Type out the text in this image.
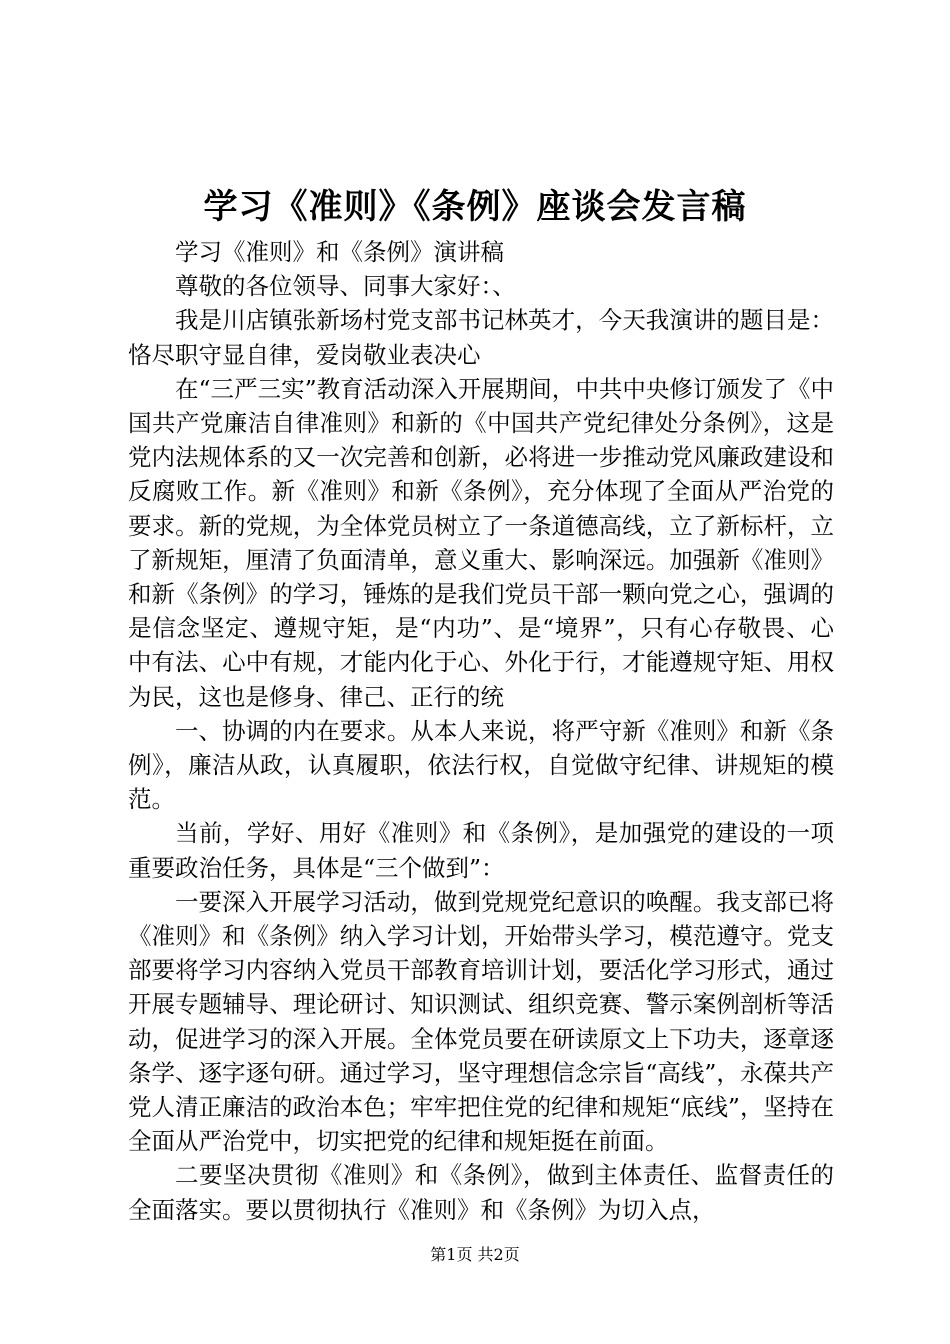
学习《准则》《条例》座谈会发言稿

学习《准则》和《条例》演讲稿

尊敬的各位领导、同事大家好：、

我是川店镇张新场村党支部书记林英才，今天我演讲的题目是：恪尽职守显自律，爱岗敬业表决心

在“三严三实”教育活动深入开展期间，中共中央修订颁发了《中国共产党廉洁自律准则》和新的《中国共产党纪律处分条例》，这是党内法规体系的又一次完善和创新，必将进一步推动党风廉政建设和反腐败工作。新《准则》和新《条例》，充分体现了全面从严治党的要求。新的党规，为全体党员树立了一条道德高线，立了新标杆，立了新规矩，厘清了负面清单，意义重大、影响深远。加强新《准则》和新《条例》的学习，锤炼的是我们党员干部一颗向党之心，强调的是信念坚定、遵规守矩，是“内功”、是“境界”，只有心存敬畏、心中有法、心中有规，才能内化于心、外化于行，才能遵规守矩、用权为民，这也是修身、律己、正行的统

一、协调的内在要求。从本人来说，将严守新《准则》和新《条例》，廉洁从政，认真履职，依法行权，自觉做守纪律、讲规矩的模范。

当前，学好、用好《准则》和《条例》，是加强党的建设的一项重要政治任务，具体是“三个做到”：

一要深入开展学习活动，做到党规党纪意识的唤醒。我支部已将《准则》和《条例》纳入学习计划，开始带头学习，模范遵守。党支部要将学习内容纳入党员干部教育培训计划，要活化学习形式，通过开展专题辅导、理论研讨、知识测试、组织竞赛、警示案例剖析等活动，促进学习的深入开展。全体党员要在研读原文上下功夫，逐章逐条学、逐字逐句研。通过学习，坚守理想信念宗旨“高线”，永葆共产党人清正廉洁的政治本色；牢牢把住党的纪律和规矩“底线”，坚持在全面从严治党中，切实把党的纪律和规矩挺在前面。

二要坚决贯彻《准则》和《条例》，做到主体责任、监督责任的全面落实。要以贯彻执行《准则》和《条例》为切入点，

第1页 共2页
